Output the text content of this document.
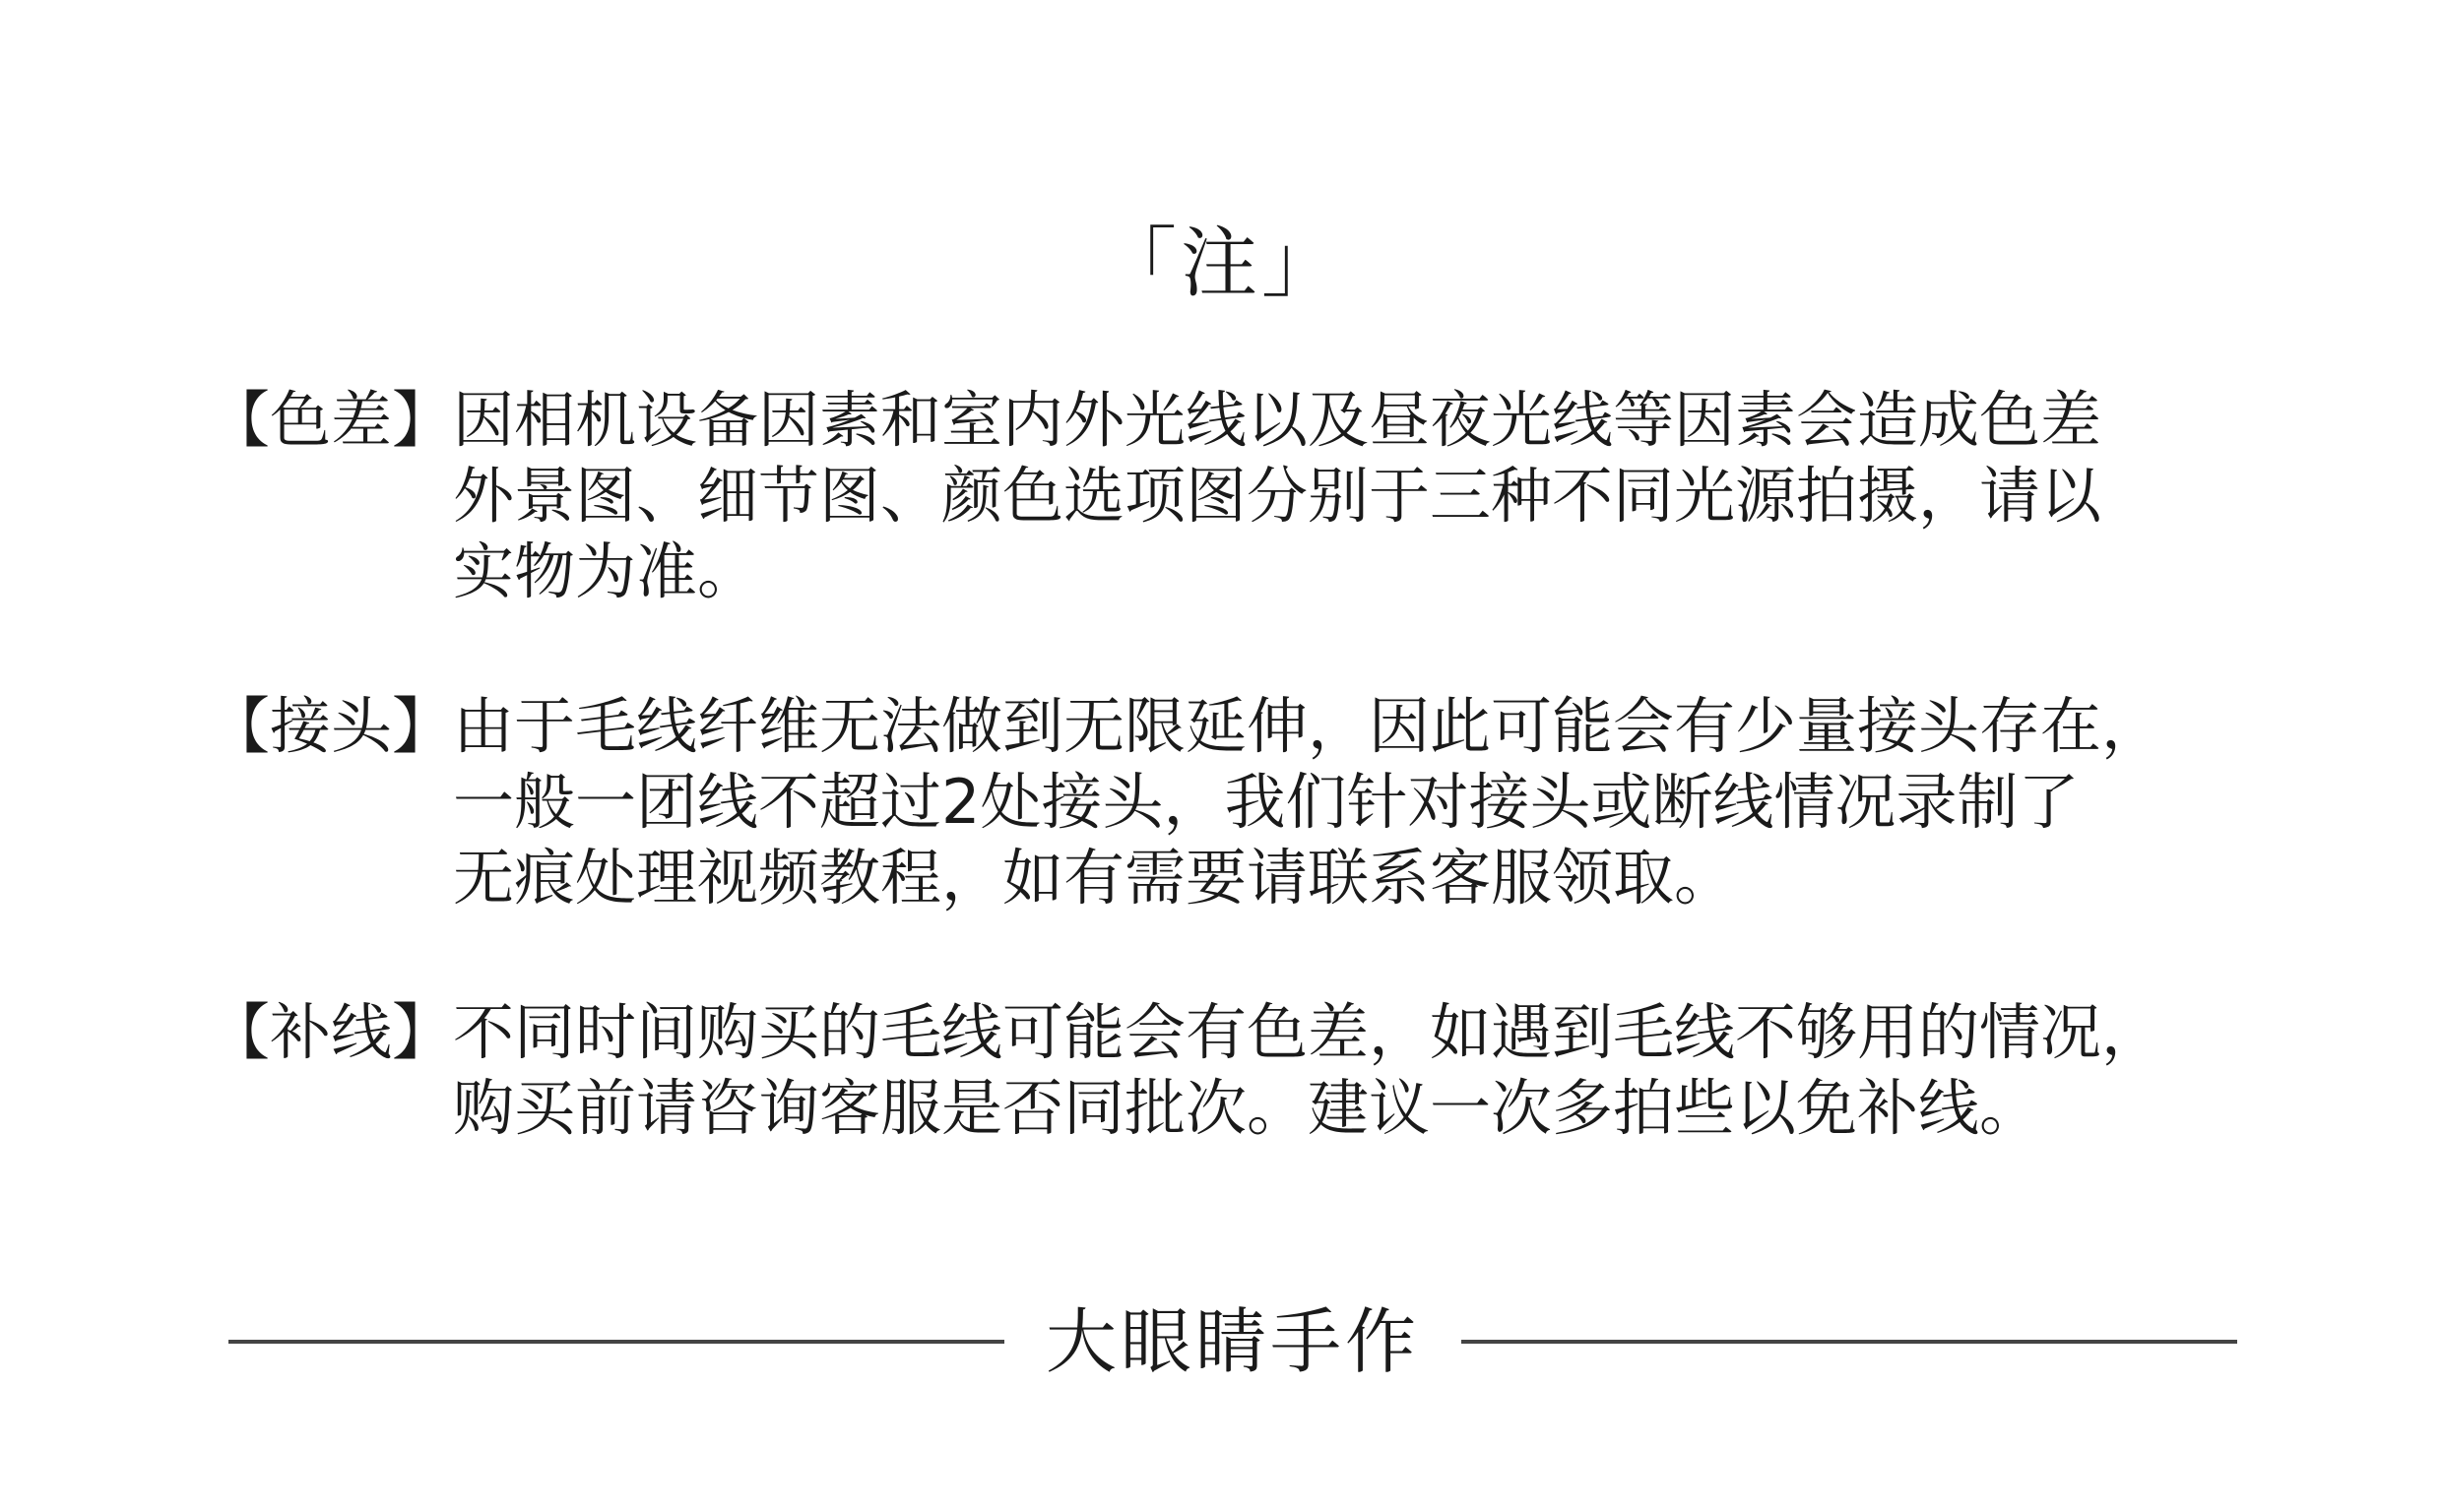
「注」
【色差】 因相机设备因素和室内外光线以及昼夜光线等因素会造成色差
外景图、细节图、颜色选项图分别于三种不同光源拍摄，请以
实物为准。
【接头】 由于毛线纤维无法做到无限延伸，因此可能会有少量接头存在，
一般一团线不超过2处接头，我们针对接头或断线情况录制了
无痕处理视频教程，如有需要请联系客服领取。
【补线】 不同时间购买的毛线可能会有色差，如遇到毛线不够用的情况，
购买前请咨询客服是否同批次。建议一次多拍些以免补线。
大眼睛手作
